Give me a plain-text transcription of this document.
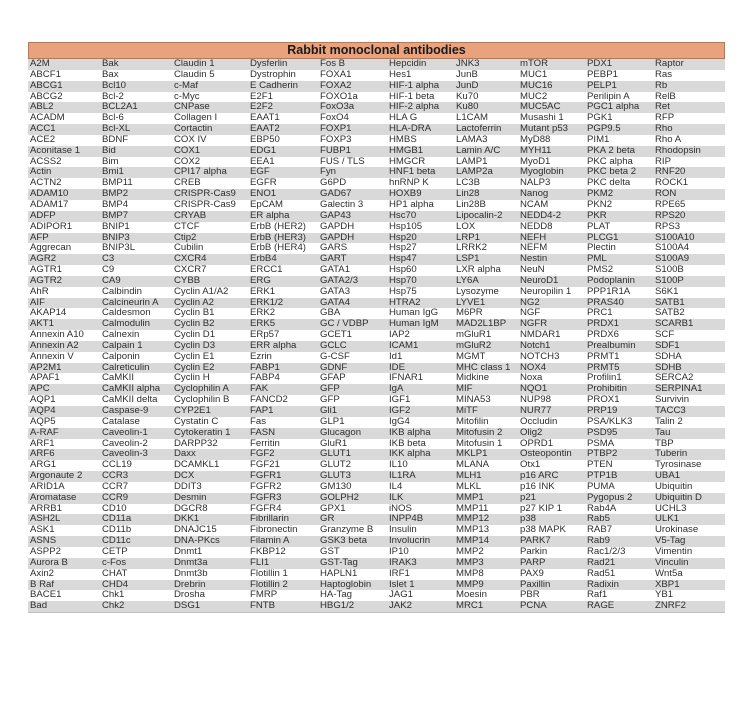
Rabbit monoclonal antibodies
A2M	Bak	Claudin 1	Dysferlin	Fos B	Hepcidin	JNK3	mTOR	PDX1	Raptor
ABCF1	Bax	Claudin 5	Dystrophin	FOXA1	Hes1	JunB	MUC1	PEBP1	Ras
ABCG1	Bcl10	c-Maf	E Cadherin	FOXA2	HIF-1 alpha	JunD	MUC16	PELP1	Rb
ABCG2	Bcl-2	c-Myc	E2F1	FOXO1a	HIF-1 beta	Ku70	MUC2	Perilipin A	RelB
ABL2	BCL2A1	CNPase	E2F2	FoxO3a	HIF-2 alpha	Ku80	MUC5AC	PGC1 alpha	Ret
ACADM	Bcl-6	Collagen I	EAAT1	FoxO4	HLA G	L1CAM	Musashi 1	PGK1	RFP
ACC1	Bcl-XL	Cortactin	EAAT2	FOXP1	HLA-DRA	Lactoferrin	Mutant p53	PGP9.5	Rho
ACE2	BDNF	COX IV	EBP50	FOXP3	HMBS	LAMA3	MyD88	PIM1	Rho A
Aconitase 1	Bid	COX1	EDG1	FUBP1	HMGB1	Lamin A/C	MYH11	PKA 2 beta	Rhodopsin
ACSS2	Bim	COX2	EEA1	FUS / TLS	HMGCR	LAMP1	MyoD1	PKC alpha	RIP
Actin	Bmi1	CPI17 alpha	EGF	Fyn	HNF1 beta	LAMP2a	Myoglobin	PKC beta 2	RNF20
ACTN2	BMP11	CREB	EGFR	G6PD	hnRNP K	LC3B	NALP3	PKC delta	ROCK1
ADAM10	BMP2	CRISPR-Cas9	ENO1	GAD67	HOXB9	Lin28	Nanog	PKM2	RON
ADAM17	BMP4	CRISPR-Cas9	EpCAM	Galectin 3	HP1 alpha	Lin28B	NCAM	PKN2	RPE65
ADFP	BMP7	CRYAB	ER alpha	GAP43	Hsc70	Lipocalin-2	NEDD4-2	PKR	RPS20
ADIPOR1	BNIP1	CTCF	ErbB (HER2)	GAPDH	Hsp105	LOX	NEDD8	PLAT	RPS3
AFP	BNIP3	Ctip2	ErbB (HER3)	GAPDH	Hsp20	LRP1	NEFH	PLCG1	S100A10
Aggrecan	BNIP3L	Cubilin	ErbB (HER4)	GARS	Hsp27	LRRK2	NEFM	Plectin	S100A4
AGR2	C3	CXCR4	ErbB4	GART	Hsp47	LSP1	Nestin	PML	S100A9
AGTR1	C9	CXCR7	ERCC1	GATA1	Hsp60	LXR alpha	NeuN	PMS2	S100B
AGTR2	CA9	CYBB	ERG	GATA2/3	Hsp70	LY6A	NeuroD1	Podoplanin	S100P
AhR	Calbindin	Cyclin A1/A2	ERK1	GATA3	Hsp75	Lysozyme	Neuropilin 1	PPP1R1A	S6K1
AIF	Calcineurin A	Cyclin A2	ERK1/2	GATA4	HTRA2	LYVE1	NG2	PRAS40	SATB1
AKAP14	Caldesmon	Cyclin B1	ERK2	GBA	Human IgG	M6PR	NGF	PRC1	SATB2
AKT1	Calmodulin	Cyclin B2	ERK5	GC / VDBP	Human IgM	MAD2L1BP	NGFR	PRDX1	SCARB1
Annexin A10	Calnexin	Cyclin D1	ERp57	GCET1	IAP2	mGluR1	NMDAR1	PRDX6	SCF
Annexin A2	Calpain 1	Cyclin D3	ERR alpha	GCLC	ICAM1	mGluR2	Notch1	Prealbumin	SDF1
Annexin V	Calponin	Cyclin E1	Ezrin	G-CSF	Id1	MGMT	NOTCH3	PRMT1	SDHA
AP2M1	Calreticulin	Cyclin E2	FABP1	GDNF	IDE	MHC class 1	NOX4	PRMT5	SDHB
APAF1	CaMKII	Cyclin H	FABP4	GFAP	IFNAR1	Midkine	Noxa	Profilin1	SERCA2
APC	CaMKII alpha	Cyclophilin A	FAK	GFP	IgA	MIF	NQO1	Prohibitin	SERPINA1
AQP1	CaMKII delta	Cyclophilin B	FANCD2	GFP	IGF1	MINA53	NUP98	PROX1	Survivin
AQP4	Caspase-9	CYP2E1	FAP1	Gli1	IGF2	MiTF	NUR77	PRP19	TACC3
AQP5	Catalase	Cystatin C	Fas	GLP1	IgG4	Mitofilin	Occludin	PSA/KLK3	Talin 2
A-RAF	Caveolin-1	Cytokeratin 1	FASN	Glucagon	IKB alpha	Mitofusin 2	Olig2	PSD95	Tau
ARF1	Caveolin-2	DARPP32	Ferritin	GluR1	IKB beta	Mitofusin 1	OPRD1	PSMA	TBP
ARF6	Caveolin-3	Daxx	FGF2	GLUT1	IKK alpha	MKLP1	Osteopontin	PTBP2	Tuberin
ARG1	CCL19	DCAMKL1	FGF21	GLUT2	IL10	MLANA	Otx1	PTEN	Tyrosinase
Argonaute 2	CCR3	DCX	FGFR1	GLUT3	IL1RA	MLH1	p16 ARC	PTP1B	UBA1
ARID1A	CCR7	DDIT3	FGFR2	GM130	IL4	MLKL	p16 INK	PUMA	Ubiquitin
Aromatase	CCR9	Desmin	FGFR3	GOLPH2	ILK	MMP1	p21	Pygopus 2	Ubiquitin D
ARRB1	CD10	DGCR8	FGFR4	GPX1	iNOS	MMP11	p27 KIP 1	Rab4A	UCHL3
ASH2L	CD11a	DKK1	Fibrillarin	GR	INPP4B	MMP12	p38	Rab5	ULK1
ASK1	CD11b	DNAJC15	Fibronectin	Granzyme B	Insulin	MMP13	p38 MAPK	RAB7	Urokinase
ASNS	CD11c	DNA-PKcs	Filamin A	GSK3 beta	Involucrin	MMP14	PARK7	Rab9	V5-Tag
ASPP2	CETP	Dnmt1	FKBP12	GST	IP10	MMP2	Parkin	Rac1/2/3	Vimentin
Aurora B	c-Fos	Dnmt3a	FLI1	GST-Tag	IRAK3	MMP3	PARP	Rad21	Vinculin
Axin2	CHAT	Dnmt3b	Flotillin 1	HAPLN1	IRF1	MMP8	PAX9	Rad51	Wnt5a
B Raf	CHD4	Drebrin	Flotillin 2	Haptoglobin	Islet 1	MMP9	Paxillin	Radixin	XBP1
BACE1	Chk1	Drosha	FMRP	HA-Tag	JAG1	Moesin	PBR	Raf1	YB1
Bad	Chk2	DSG1	FNTB	HBG1/2	JAK2	MRC1	PCNA	RAGE	ZNRF2
